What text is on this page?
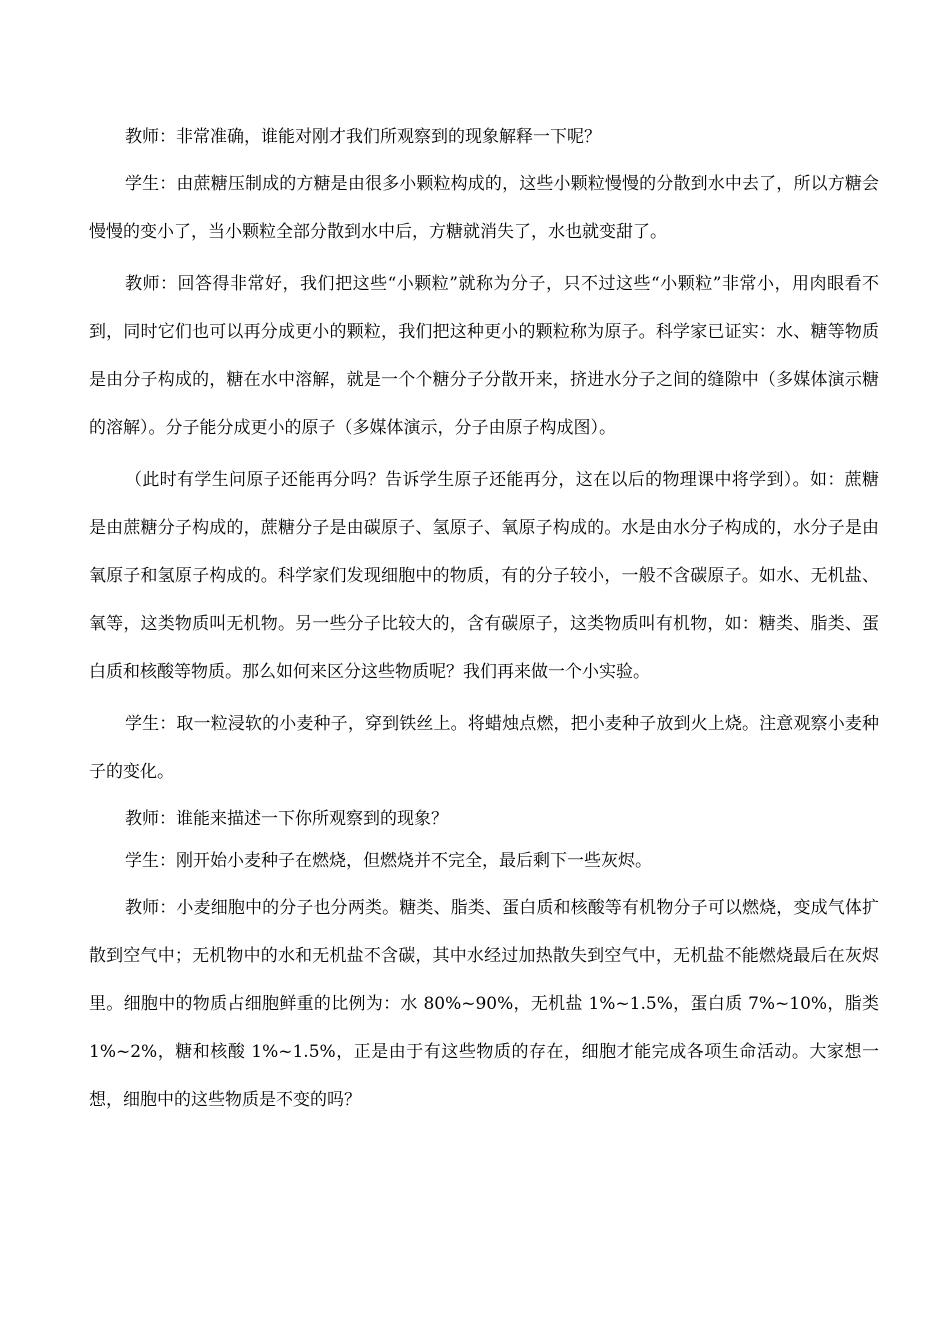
教师：非常准确，谁能对刚才我们所观察到的现象解释一下呢？

学生：由蔗糖压制成的方糖是由很多小颗粒构成的，这些小颗粒慢慢的分散到水中去了，所以方糖会慢慢的变小了，当小颗粒全部分散到水中后，方糖就消失了，水也就变甜了。

教师：回答得非常好，我们把这些“小颗粒”就称为分子，只不过这些“小颗粒”非常小，用肉眼看不到，同时它们也可以再分成更小的颗粒，我们把这种更小的颗粒称为原子。科学家已证实：水、糖等物质是由分子构成的，糖在水中溶解，就是一个个糖分子分散开来，挤进水分子之间的缝隙中（多媒体演示糖的溶解）。分子能分成更小的原子（多媒体演示，分子由原子构成图）。

（此时有学生问原子还能再分吗？告诉学生原子还能再分，这在以后的物理课中将学到）。如：蔗糖是由蔗糖分子构成的，蔗糖分子是由碳原子、氢原子、氧原子构成的。水是由水分子构成的，水分子是由氧原子和氢原子构成的。科学家们发现细胞中的物质，有的分子较小，一般不含碳原子。如水、无机盐、氧等，这类物质叫无机物。另一些分子比较大的，含有碳原子，这类物质叫有机物，如：糖类、脂类、蛋白质和核酸等物质。那么如何来区分这些物质呢？我们再来做一个小实验。

学生：取一粒浸软的小麦种子，穿到铁丝上。将蜡烛点燃，把小麦种子放到火上烧。注意观察小麦种子的变化。

教师：谁能来描述一下你所观察到的现象？

学生：刚开始小麦种子在燃烧，但燃烧并不完全，最后剩下一些灰烬。

教师：小麦细胞中的分子也分两类。糖类、脂类、蛋白质和核酸等有机物分子可以燃烧，变成气体扩散到空气中；无机物中的水和无机盐不含碳，其中水经过加热散失到空气中，无机盐不能燃烧最后在灰烬里。细胞中的物质占细胞鲜重的比例为：水 80%~90%，无机盐 1%~1.5%，蛋白质 7%~10%，脂类 1%~2%，糖和核酸 1%~1.5%，正是由于有这些物质的存在，细胞才能完成各项生命活动。大家想一想，细胞中的这些物质是不变的吗？
